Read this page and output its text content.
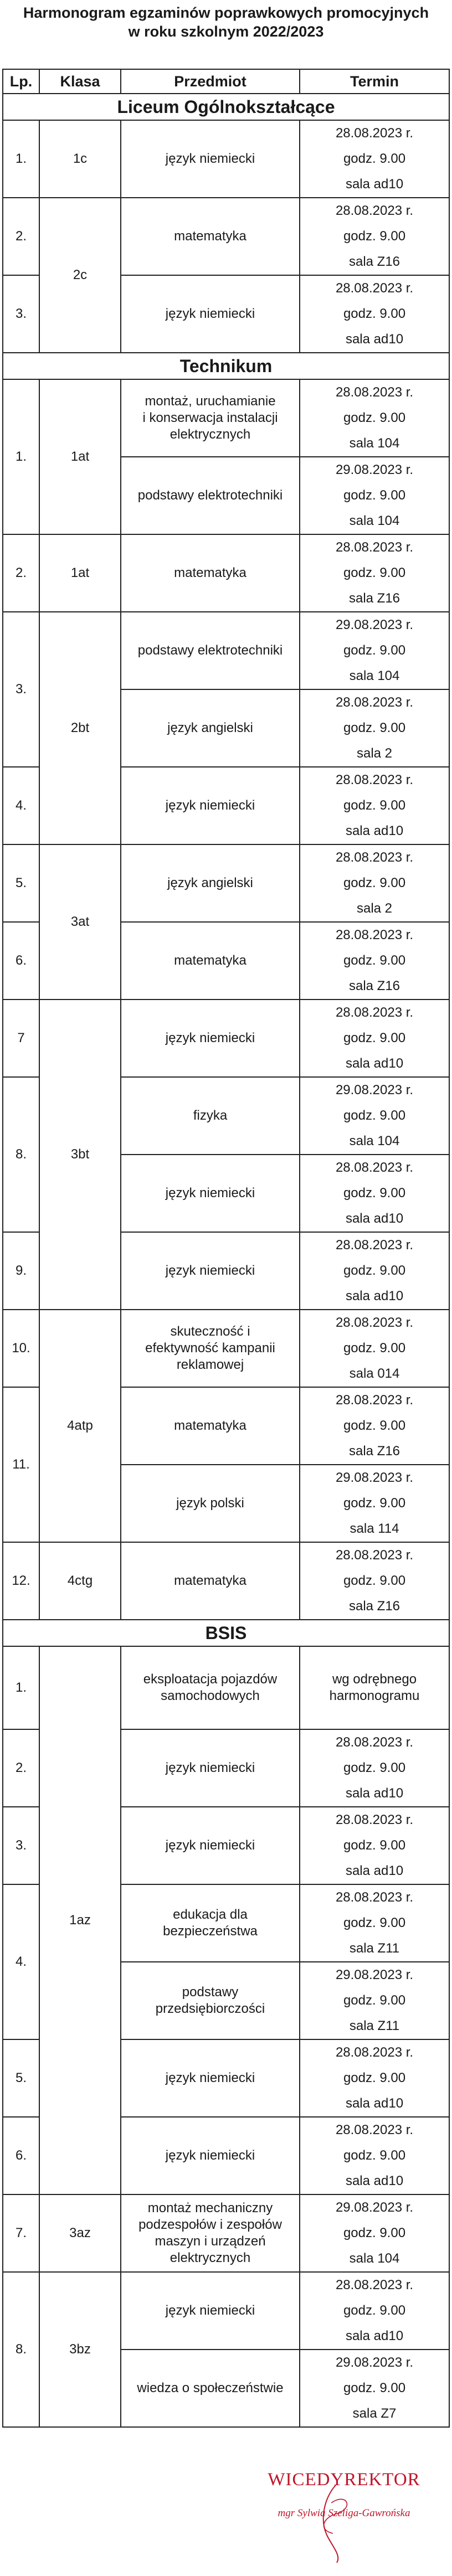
Harmonogram egzaminów poprawkowych promocyjnych
w roku szkolnym 2022/2023
Lp.	Klasa	Przedmiot	Termin
Liceum Ogólnokształcące			
1.	1c	język niemiecki	28.08.2023 r.
godz. 9.00
sala ad10

2.	2c	matematyka	28.08.2023 r.
godz. 9.00
sala Z16

3.		język niemiecki	28.08.2023 r.
godz. 9.00
sala ad10

Technikum			
1.	1at	montaż, uruchamianie
i konserwacja instalacji
elektrycznych	28.08.2023 r.
godz. 9.00
sala 104

		podstawy elektrotechniki	29.08.2023 r.
godz. 9.00
sala 104

2.	1at	matematyka	28.08.2023 r.
godz. 9.00
sala Z16

3.	2bt	podstawy elektrotechniki	29.08.2023 r.
godz. 9.00
sala 104

		język angielski	28.08.2023 r.
godz. 9.00
sala 2

4.		język niemiecki	28.08.2023 r.
godz. 9.00
sala ad10

5.	3at	język angielski	28.08.2023 r.
godz. 9.00
sala 2

6.		matematyka	28.08.2023 r.
godz. 9.00
sala Z16

7	3bt	język niemiecki	28.08.2023 r.
godz. 9.00
sala ad10

8.		fizyka	29.08.2023 r.
godz. 9.00
sala 104

		język niemiecki	28.08.2023 r.
godz. 9.00
sala ad10

9.		język niemiecki	28.08.2023 r.
godz. 9.00
sala ad10

10.	4atp	skuteczność i
efektywność kampanii
reklamowej	28.08.2023 r.
godz. 9.00
sala 014

11.		matematyka	28.08.2023 r.
godz. 9.00
sala Z16

		język polski	29.08.2023 r.
godz. 9.00
sala 114

12.	4ctg	matematyka	28.08.2023 r.
godz. 9.00
sala Z16

BSIS			
1.	1az	eksploatacja pojazdów
samochodowych	wg odrębnego
harmonogramu

2.		język niemiecki	28.08.2023 r.
godz. 9.00
sala ad10

3.		język niemiecki	28.08.2023 r.
godz. 9.00
sala ad10

4.		edukacja dla
bezpieczeństwa	28.08.2023 r.
godz. 9.00
sala Z11

		podstawy
przedsiębiorczości	29.08.2023 r.
godz. 9.00
sala Z11

5.		język niemiecki	28.08.2023 r.
godz. 9.00
sala ad10

6.		język niemiecki	28.08.2023 r.
godz. 9.00
sala ad10

7.	3az	montaż mechaniczny
podzespołów i zespołów
maszyn i urządzeń
elektrycznych	29.08.2023 r.
godz. 9.00
sala 104

8.	3bz	język niemiecki	28.08.2023 r.
godz. 9.00
sala ad10

		wiedza o społeczeństwie	29.08.2023 r.
godz. 9.00
sala Z7
WICEDYREKTOR
mgr Sylwia Szeliga-Gawrońska
